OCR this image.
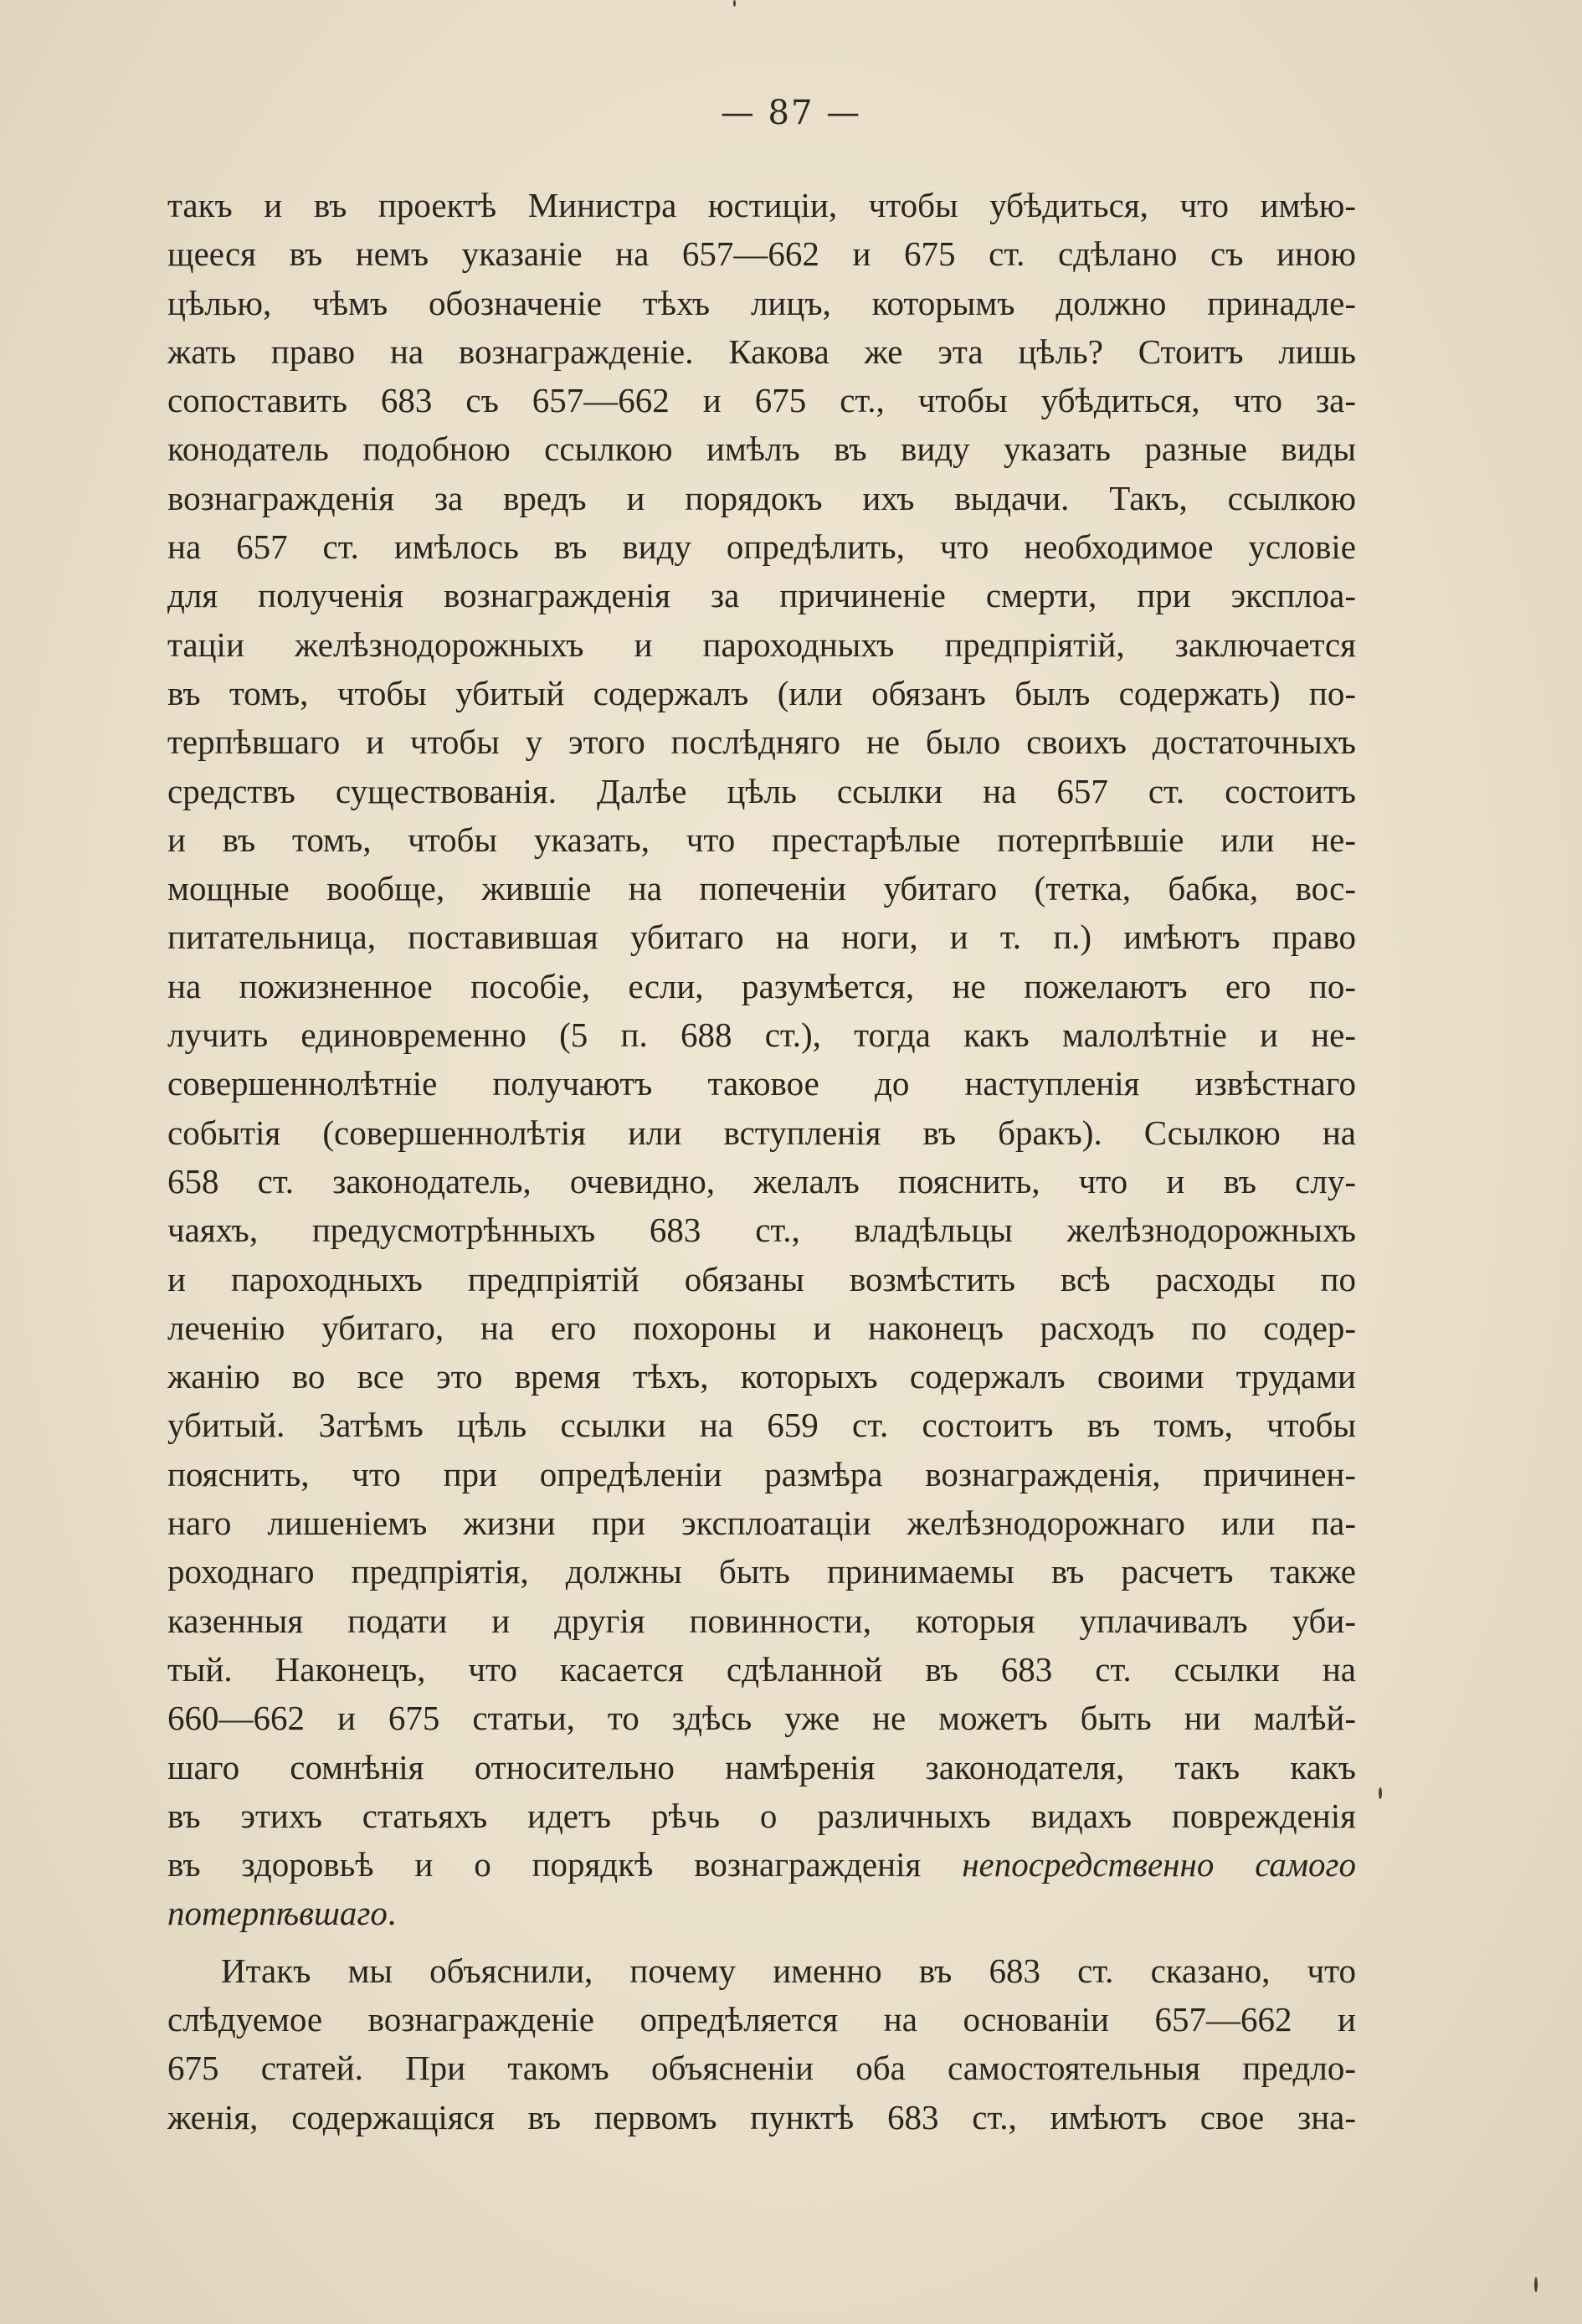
— 87 —
такъ и въ проектѣ Министра юстиціи, чтобы убѣдиться, что имѣю-
щееся въ немъ указаніе на 657—662 и 675 ст. сдѣлано съ иною
цѣлью, чѣмъ обозначеніе тѣхъ лицъ, которымъ должно принадле-
жать право на вознагражденіе. Какова же эта цѣль? Стоитъ лишь
сопоставить 683 съ 657—662 и 675 ст., чтобы убѣдиться, что за-
конодатель подобною ссылкою имѣлъ въ виду указать разные виды
вознагражденія за вредъ и порядокъ ихъ выдачи. Такъ, ссылкою
на 657 ст. имѣлось въ виду опредѣлить, что необходимое условіе
для полученія вознагражденія за причиненіе смерти, при эксплоа-
таціи желѣзнодорожныхъ и пароходныхъ предпріятій, заключается
въ томъ, чтобы убитый содержалъ (или обязанъ былъ содержать) по-
терпѣвшаго и чтобы у этого послѣдняго не было своихъ достаточныхъ
средствъ существованія. Далѣе цѣль ссылки на 657 ст. состоитъ
и въ томъ, чтобы указать, что престарѣлые потерпѣвшіе или не-
мощные вообще, жившіе на попеченіи убитаго (тетка, бабка, вос-
питательница, поставившая убитаго на ноги, и т. п.) имѣютъ право
на пожизненное пособіе, если, разумѣется, не пожелаютъ его по-
лучить единовременно (5 п. 688 ст.), тогда какъ малолѣтніе и не-
совершеннолѣтніе получаютъ таковое до наступленія извѣстнаго
событія (совершеннолѣтія или вступленія въ бракъ). Ссылкою на
658 ст. законодатель, очевидно, желалъ пояснить, что и въ слу-
чаяхъ, предусмотрѣнныхъ 683 ст., владѣльцы желѣзнодорожныхъ
и пароходныхъ предпріятій обязаны возмѣстить всѣ расходы по
леченію убитаго, на его похороны и наконецъ расходъ по содер-
жанію во все это время тѣхъ, которыхъ содержалъ своими трудами
убитый. Затѣмъ цѣль ссылки на 659 ст. состоитъ въ томъ, чтобы
пояснить, что при опредѣленіи размѣра вознагражденія, причинен-
наго лишеніемъ жизни при эксплоатаціи желѣзнодорожнаго или па-
роходнаго предпріятія, должны быть принимаемы въ расчетъ также
казенныя подати и другія повинности, которыя уплачивалъ уби-
тый. Наконецъ, что касается сдѣланной въ 683 ст. ссылки на
660—662 и 675 статьи, то здѣсь уже не можетъ быть ни малѣй-
шаго сомнѣнія относительно намѣренія законодателя, такъ какъ
въ этихъ статьяхъ идетъ рѣчь о различныхъ видахъ поврежденія
въ здоровьѣ и о порядкѣ вознагражденія непосредственно самого
потерпѣвшаго.
Итакъ мы объяснили, почему именно въ 683 ст. сказано, что
слѣдуемое вознагражденіе опредѣляется на основаніи 657—662 и
675 статей. При такомъ объясненіи оба самостоятельныя предло-
женія, содержащіяся въ первомъ пунктѣ 683 ст., имѣютъ свое зна-
